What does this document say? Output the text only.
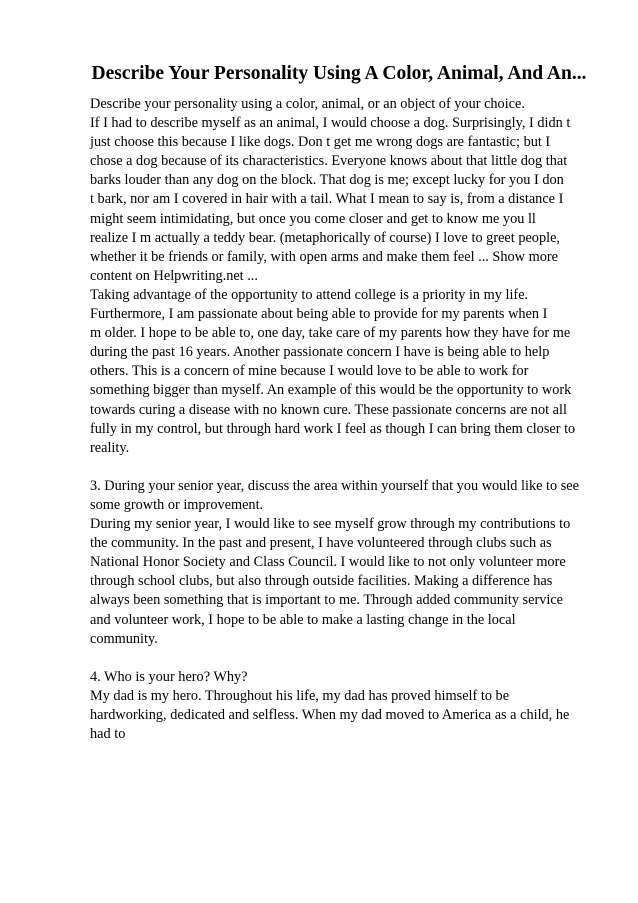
Describe Your Personality Using A Color, Animal, And An...
Describe your personality using a color, animal, or an object of your choice.
If I had to describe myself as an animal, I would choose a dog. Surprisingly, I didn t
just choose this because I like dogs. Don t get me wrong dogs are fantastic; but I
chose a dog because of its characteristics. Everyone knows about that little dog that
barks louder than any dog on the block. That dog is me; except lucky for you I don
t bark, nor am I covered in hair with a tail. What I mean to say is, from a distance I
might seem intimidating, but once you come closer and get to know me you ll
realize I m actually a teddy bear. (metaphorically of course) I love to greet people,
whether it be friends or family, with open arms and make them feel ... Show more
content on Helpwriting.net ...
Taking advantage of the opportunity to attend college is a priority in my life.
Furthermore, I am passionate about being able to provide for my parents when I
m older. I hope to be able to, one day, take care of my parents how they have for me
during the past 16 years. Another passionate concern I have is being able to help
others. This is a concern of mine because I would love to be able to work for
something bigger than myself. An example of this would be the opportunity to work
towards curing a disease with no known cure. These passionate concerns are not all
fully in my control, but through hard work I feel as though I can bring them closer to
reality.
3. During your senior year, discuss the area within yourself that you would like to see
some growth or improvement.
During my senior year, I would like to see myself grow through my contributions to
the community. In the past and present, I have volunteered through clubs such as
National Honor Society and Class Council. I would like to not only volunteer more
through school clubs, but also through outside facilities. Making a difference has
always been something that is important to me. Through added community service
and volunteer work, I hope to be able to make a lasting change in the local
community.
4. Who is your hero? Why?
My dad is my hero. Throughout his life, my dad has proved himself to be
hardworking, dedicated and selfless. When my dad moved to America as a child, he
had to
